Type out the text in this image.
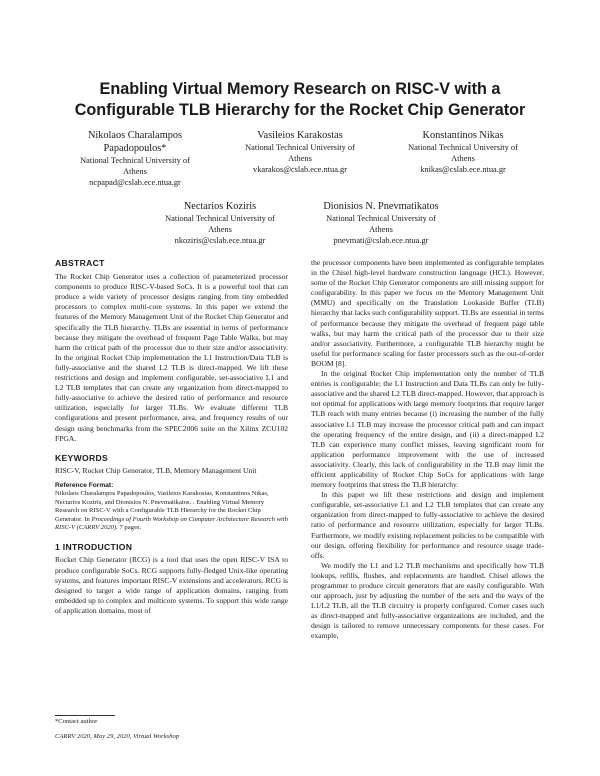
Enabling Virtual Memory Research on RISC-V with a
Configurable TLB Hierarchy for the Rocket Chip Generator
Nikolaos Charalampos
Papadopoulos*
National Technical University of
Athens
ncpapad@cslab.ece.ntua.gr
Vasileios Karakostas
National Technical University of
Athens
vkarakos@cslab.ece.ntua.gr
Konstantinos Nikas
National Technical University of
Athens
knikas@cslab.ece.ntua.gr
Nectarios Koziris
National Technical University of
Athens
nkoziris@cslab.ece.ntua.gr
Dionisios N. Pnevmatikatos
National Technical University of
Athens
pnevmati@cslab.ece.ntua.gr

ABSTRACT

The Rocket Chip Generator uses a collection of parameterized processor components to produce RISC-V-based SoCs. It is a powerful tool that can produce a wide variety of processor designs ranging from tiny embedded processors to complex multi-core systems. In this paper we extend the features of the Memory Management Unit of the Rocket Chip Generator and specifically the TLB hierarchy. TLBs are essential in terms of performance because they mitigate the overhead of frequent Page Table Walks, but may harm the critical path of the processor due to their size and/or associativity. In the original Rocket Chip implementation the L1 Instruction/Data TLB is fully-associative and the shared L2 TLB is direct-mapped. We lift these restrictions and design and implement configurable, set-associative L1 and L2 TLB templates that can create any organization from direct-mapped to fully-associative to achieve the desired ratio of performance and resource utilization, especially for larger TLBs. We evaluate different TLB configurations and present performance, area, and frequency results of our design using benchmarks from the SPEC2006 suite on the Xilinx ZCU102 FPGA.

KEYWORDS

RISC-V, Rocket Chip Generator, TLB, Memory Management Unit

Reference Format:
Nikolaos Charalampos Papadopoulos, Vasileios Karakostas, Konstantinos Nikas, Nectarios Koziris, and Dionisios N. Pnevmatikatos. . Enabling Virtual Memory Research on RISC-V with a Configurable TLB Hierarchy for the Rocket Chip Generator. In Proceedings of Fourth Workshop on Computer Architecture Research with RISC-V (CARRV 2020). 7 pages.

1 INTRODUCTION

Rocket Chip Generator (RCG) is a tool that uses the open RISC-V ISA to produce configurable SoCs. RCG supports fully-fledged Unix-like operating systems, and features important RISC-V extensions and accelerators. RCG is designed to target a wide range of application domains, ranging from embedded up to complex and multicore systems. To support this wide range of application domains, most of

*Contact author
CARRV 2020, May 29, 2020, Virtual Workshop

the processor components have been implemented as configurable templates in the Chisel high-level hardware construction language (HCL). However, some of the Rocket Chip Generator components are still missing support for configurability. In this paper we focus on the Memory Management Unit (MMU) and specifically on the Translation Lookaside Buffer (TLB) hierarchy that lacks such configurability support. TLBs are essential in terms of performance because they mitigate the overhead of frequent page table walks, but may harm the critical path of the processor due to their size and/or associativity. Furthermore, a configurable TLB hierarchy might be useful for performance scaling for faster processors such as the out-of-order BOOM [8].

In the original Rocket Chip implementation only the number of TLB entries is configurable; the L1 Instruction and Data TLBs can only be fully-associative and the shared L2 TLB direct-mapped. However, that approach is not optimal for applications with large memory footprints that require larger TLB reach with many entries because (i) increasing the number of the fully associative L1 TLB may increase the processor critical path and can impact the operating frequency of the entire design, and (ii) a direct-mapped L2 TLB can experience many conflict misses, leaving significant room for application performance improvement with the use of increased associativity. Clearly, this lack of configurability in the TLB may limit the efficient applicability of Rocket Chip SoCs for applications with large memory footprints that stress the TLB hierarchy.

In this paper we lift these restrictions and design and implement configurable, set-associative L1 and L2 TLB templates that can create any organization from direct-mapped to fully-associative to achieve the desired ratio of performance and resource utilization, especially for larger TLBs. Furthermore, we modify existing replacement policies to be compatible with our design, offering flexibility for performance and resource usage trade-offs.

We modify the L1 and L2 TLB mechanisms and specifically how TLB lookups, refills, flushes, and replacements are handled. Chisel allows the programmer to produce circuit generators that are easily configurable. With our approach, just by adjusting the number of the sets and the ways of the L1/L2 TLB, all the TLB circuitry is properly configured. Corner cases such as direct-mapped and fully-associative organizations are included, and the design is tailored to remove unnecessary components for these cases. For example,
